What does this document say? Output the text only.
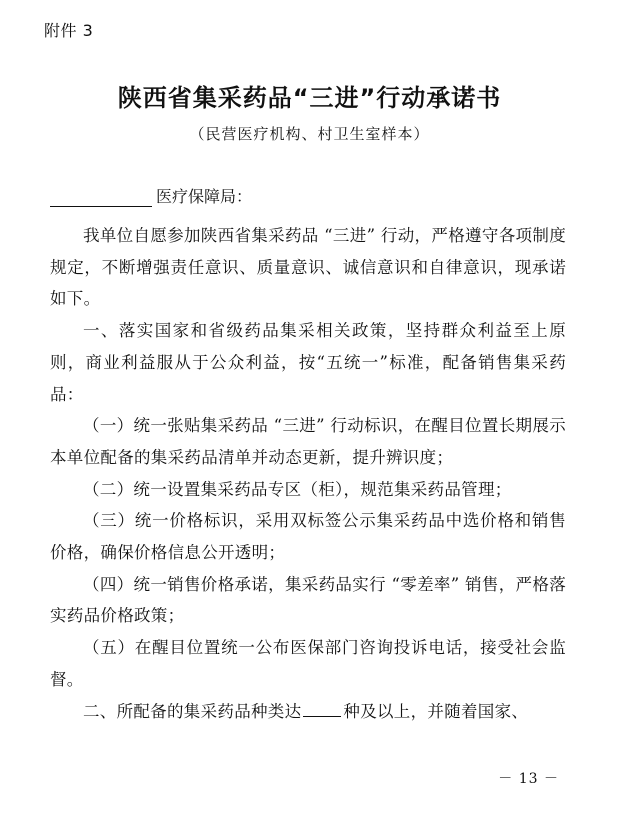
附件 3
陕西省集采药品“三进”行动承诺书
（民营医疗机构、村卫生室样本）
医疗保障局：

我单位自愿参加陕西省集采药品 “三进” 行动，严格遵守各项制度规定，不断增强责任意识、质量意识、诚信意识和自律意识，现承诺如下。

一、落实国家和省级药品集采相关政策，坚持群众利益至上原则，商业利益服从于公众利益，按“五统一”标准，配备销售集采药品：

（一）统一张贴集采药品 “三进” 行动标识，在醒目位置长期展示本单位配备的集采药品清单并动态更新，提升辨识度；

（二）统一设置集采药品专区（柜），规范集采药品管理；

（三）统一价格标识，采用双标签公示集采药品中选价格和销售价格，确保价格信息公开透明；

（四）统一销售价格承诺，集采药品实行 “零差率” 销售，严格落实药品价格政策；

（五）在醒目位置统一公布医保部门咨询投诉电话，接受社会监督。

二、所配备的集采药品种类达	种及以上，并随着国家、

－ 13 －
